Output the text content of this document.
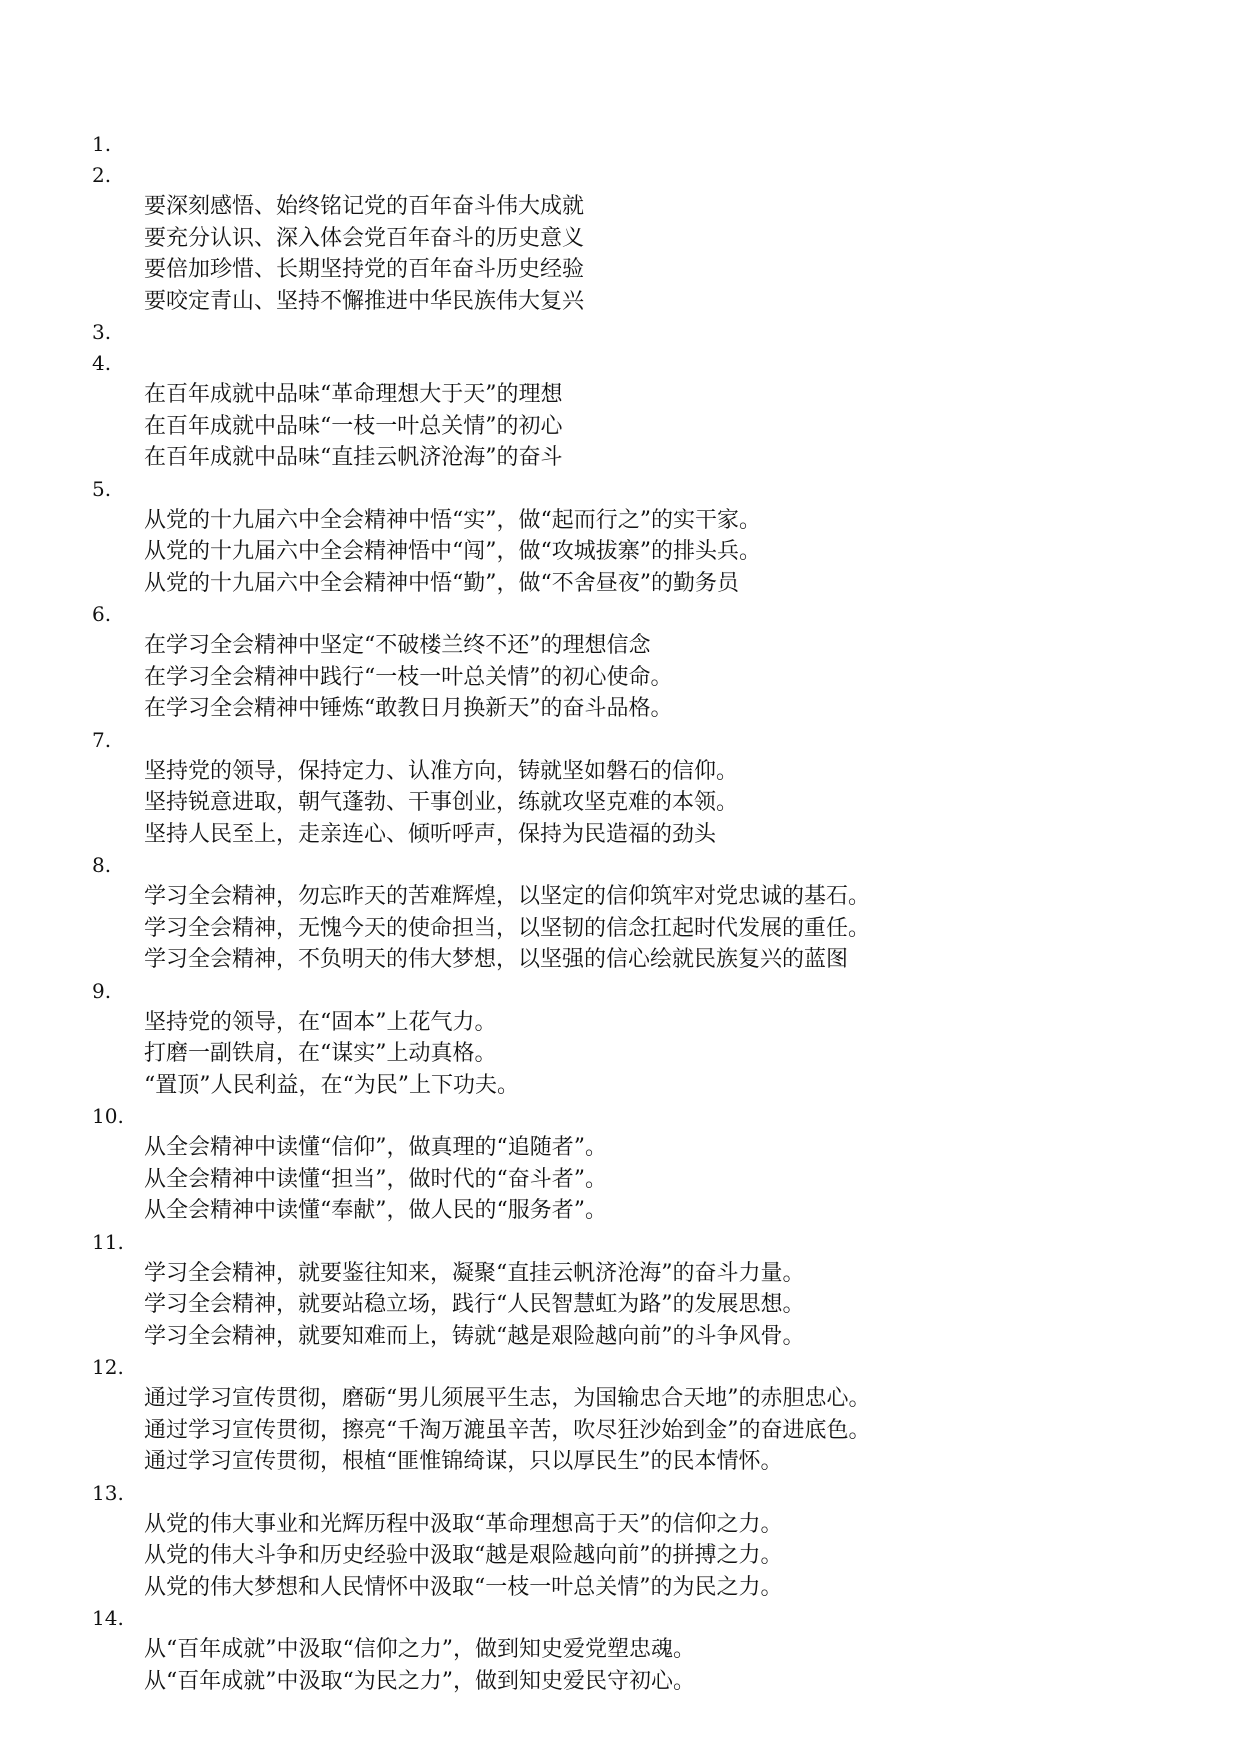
1.
2.
要深刻感悟、始终铭记党的百年奋斗伟大成就
要充分认识、深入体会党百年奋斗的历史意义
要倍加珍惜、长期坚持党的百年奋斗历史经验
要咬定青山、坚持不懈推进中华民族伟大复兴
3.
4.
在百年成就中品味“革命理想大于天”的理想
在百年成就中品味“一枝一叶总关情”的初心
在百年成就中品味“直挂云帆济沧海”的奋斗
5.
从党的十九届六中全会精神中悟“实”，做“起而行之”的实干家。
从党的十九届六中全会精神悟中“闯”，做“攻城拔寨”的排头兵。
从党的十九届六中全会精神中悟“勤”，做“不舍昼夜”的勤务员
6.
在学习全会精神中坚定“不破楼兰终不还”的理想信念
在学习全会精神中践行“一枝一叶总关情”的初心使命。
在学习全会精神中锤炼“敢教日月换新天”的奋斗品格。
7.
坚持党的领导，保持定力、认准方向，铸就坚如磐石的信仰。
坚持锐意进取，朝气蓬勃、干事创业，练就攻坚克难的本领。
坚持人民至上，走亲连心、倾听呼声，保持为民造福的劲头
8.
学习全会精神，勿忘昨天的苦难辉煌，以坚定的信仰筑牢对党忠诚的基石。
学习全会精神，无愧今天的使命担当，以坚韧的信念扛起时代发展的重任。
学习全会精神，不负明天的伟大梦想，以坚强的信心绘就民族复兴的蓝图
9.
坚持党的领导，在“固本”上花气力。
打磨一副铁肩，在“谋实”上动真格。
“置顶”人民利益，在“为民”上下功夫。
10.
从全会精神中读懂“信仰”，做真理的“追随者”。
从全会精神中读懂“担当”，做时代的“奋斗者”。
从全会精神中读懂“奉献”，做人民的“服务者”。
11.
学习全会精神，就要鉴往知来，凝聚“直挂云帆济沧海”的奋斗力量。
学习全会精神，就要站稳立场，践行“人民智慧虹为路”的发展思想。
学习全会精神，就要知难而上，铸就“越是艰险越向前”的斗争风骨。
12.
通过学习宣传贯彻，磨砺“男儿须展平生志，为国输忠合天地”的赤胆忠心。
通过学习宣传贯彻，擦亮“千淘万漉虽辛苦，吹尽狂沙始到金”的奋进底色。
通过学习宣传贯彻，根植“匪惟锦绮谋，只以厚民生”的民本情怀。
13.
从党的伟大事业和光辉历程中汲取“革命理想高于天”的信仰之力。
从党的伟大斗争和历史经验中汲取“越是艰险越向前”的拼搏之力。
从党的伟大梦想和人民情怀中汲取“一枝一叶总关情”的为民之力。
14.
从“百年成就”中汲取“信仰之力”，做到知史爱党塑忠魂。
从“百年成就”中汲取“为民之力”，做到知史爱民守初心。
